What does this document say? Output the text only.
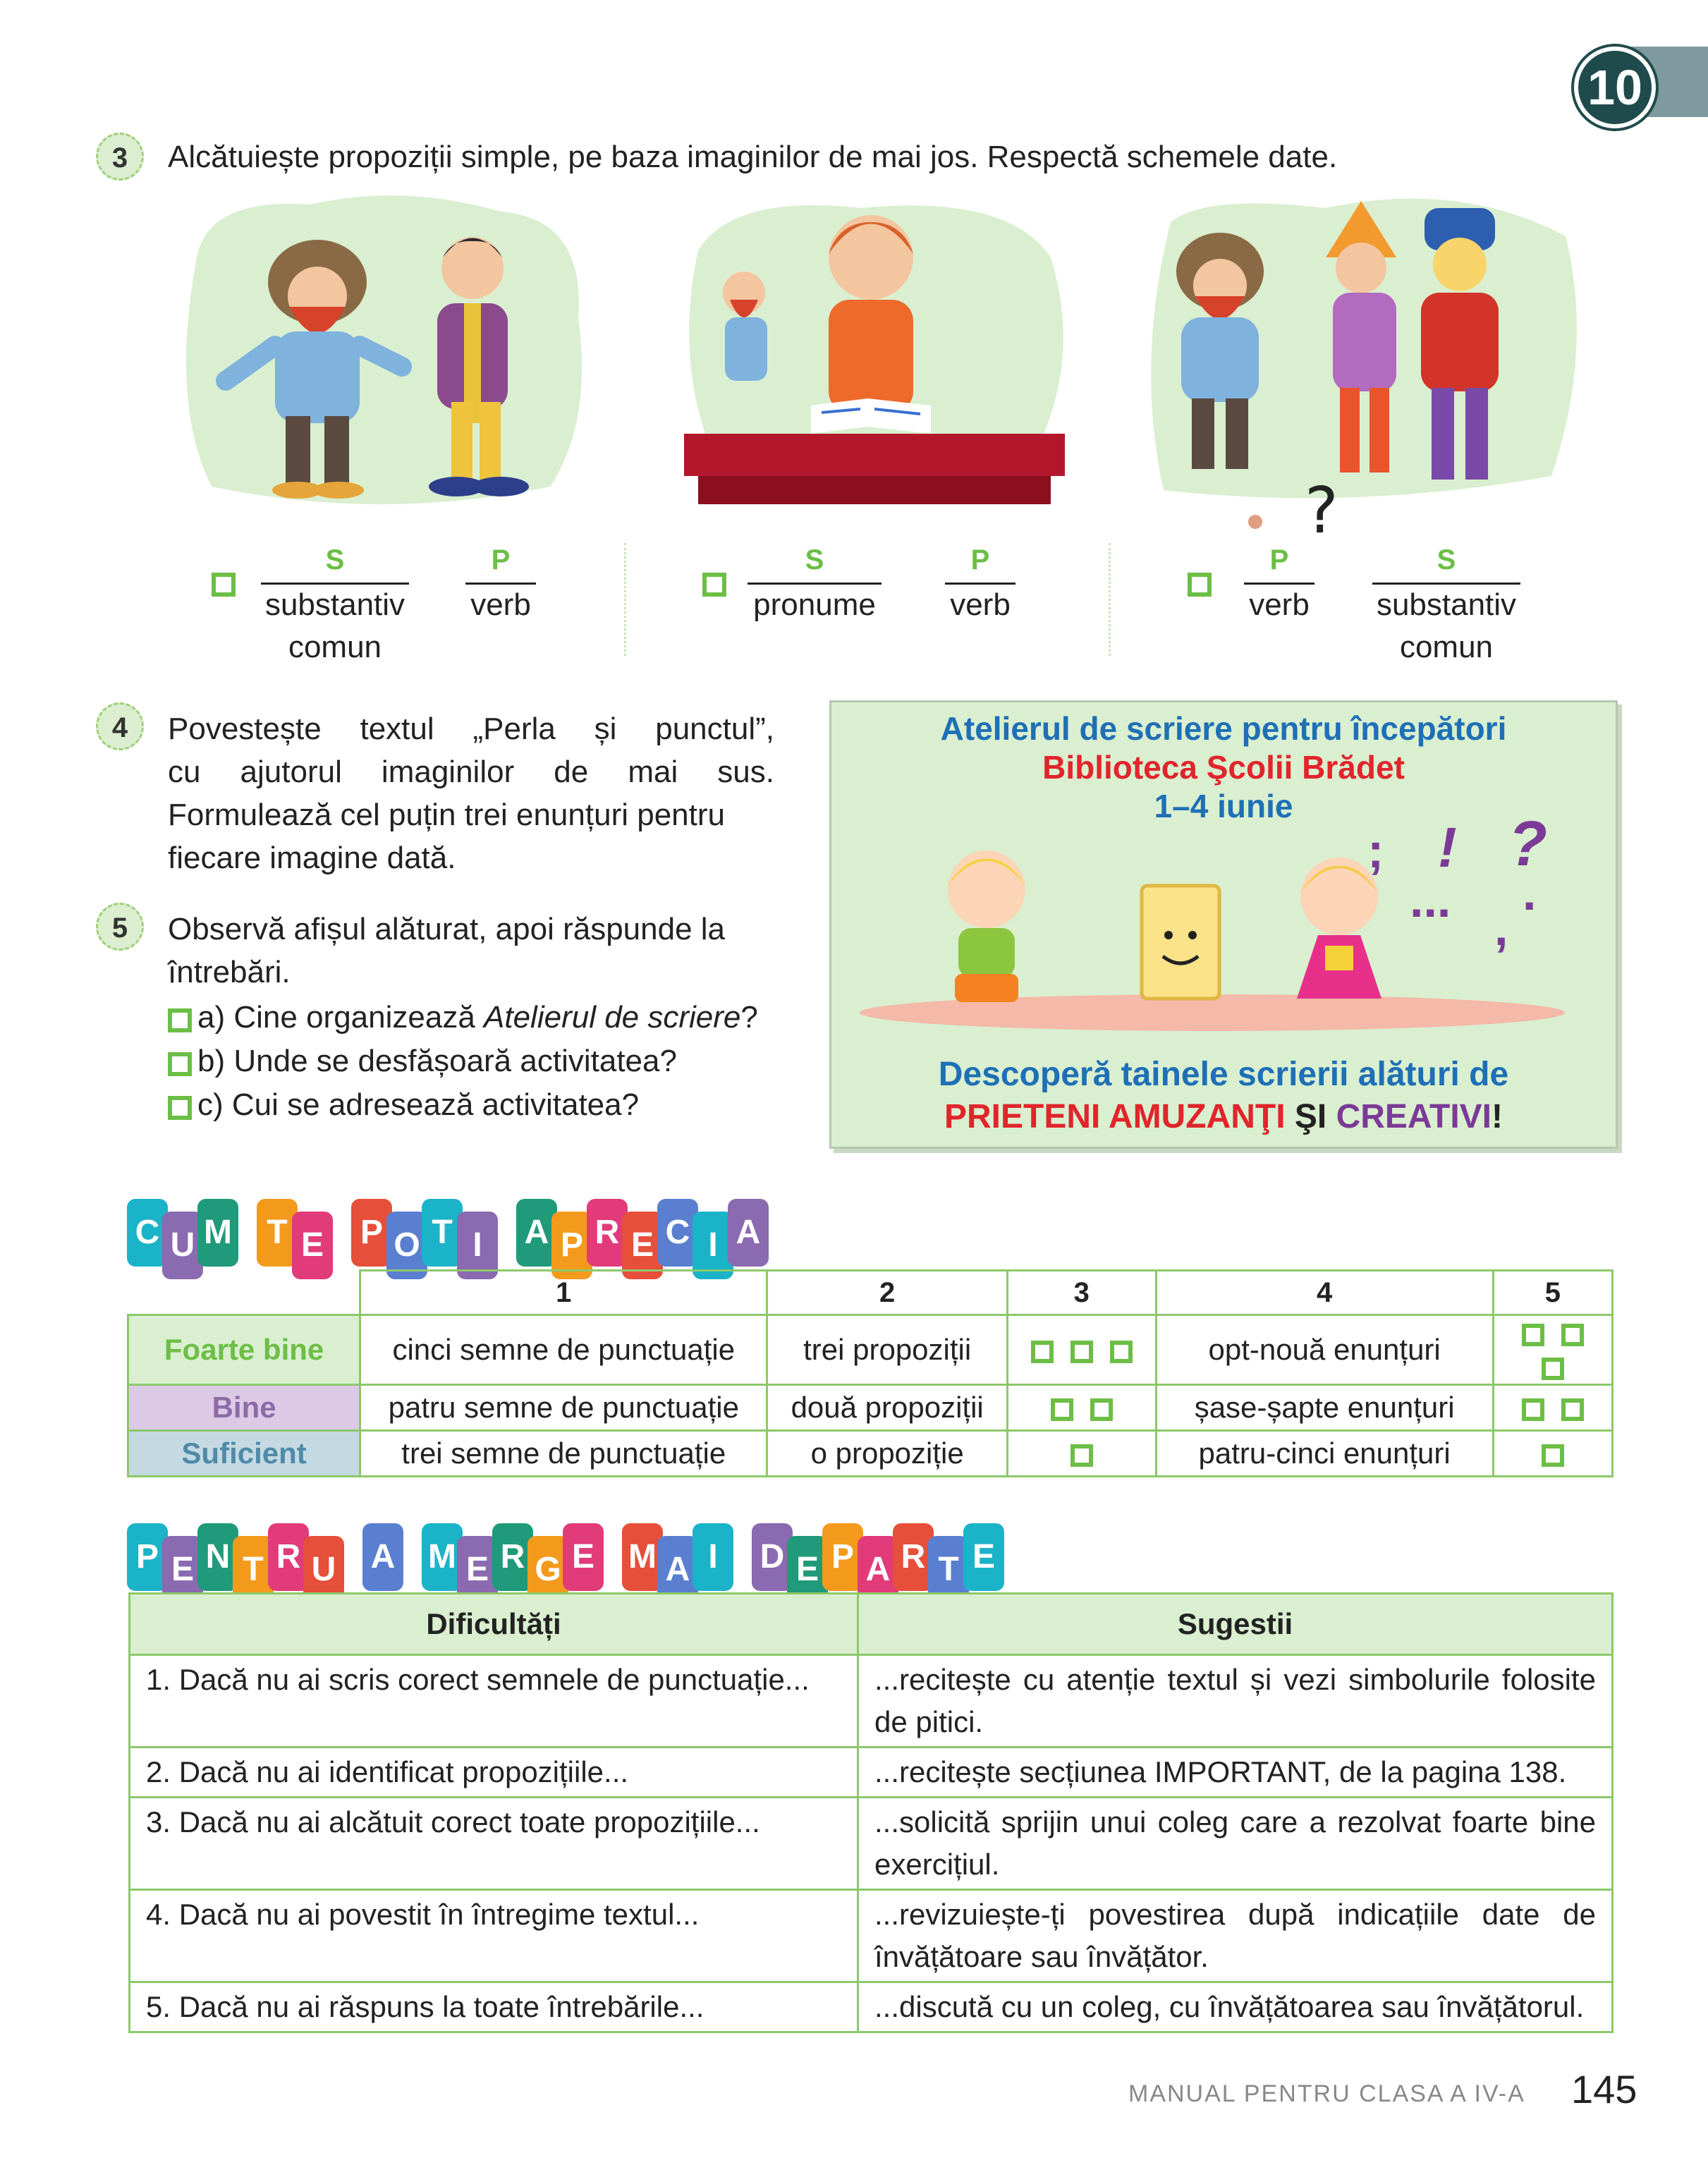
10
3	Alcătuiește propoziții simple, pe baza imaginilor de mai jos. Respectă schemele date.
?
S
substantiv
comun
P
verb
S
pronume
P
verb
P
verb
S
substantiv
comun
4	Povestește textul „Perla și punctul”,
cu ajutorul imaginilor de mai sus.
Formulează cel puțin trei enunțuri pentru
fiecare imagine dată.
5	Observă afișul alăturat, apoi răspunde la
întrebări.
a) Cine organizează Atelierul de scriere?
b) Unde se desfășoară activitatea?
c) Cui se adresează activitatea?
Atelierul de scriere pentru începători
Biblioteca Şcolii Brădet
1–4 iunie
; ! ?
... .
,
Descoperă tainele scrierii alături de
PRIETENI AMUZANŢI ŞI CREATIVI!
C U M T E P O T I	A P R E C I A
	1	2	3	4	5
Foarte bine	cinci semne de punctuație	trei propoziții		opt-nouă enunțuri	
Bine	patru semne de punctuație	două propoziții		șase-șapte enunțuri	
Suficient	trei semne de punctuație	o propoziție		patru-cinci enunțuri	
P E N T R U A M E R G E M A I	D E P A R T E
Dificultăți	Sugestii
1. Dacă nu ai scris corect semnele de punctuație...	...recitește cu atenție textul și vezi simbolurile folosite de pitici.
2. Dacă nu ai identificat propozițiile...	...recitește secțiunea IMPORTANT, de la pagina 138.
3. Dacă nu ai alcătuit corect toate propozițiile...	...solicită sprijin unui coleg care a rezolvat foarte bine exercițiul.
4. Dacă nu ai povestit în întregime textul...	...revizuiește-ți povestirea după indicațiile date de învățătoare sau învățător.
5. Dacă nu ai răspuns la toate întrebările...	...discută cu un coleg, cu învățătoarea sau învățătorul.
MANUAL PENTRU CLASA A IV-A 145
